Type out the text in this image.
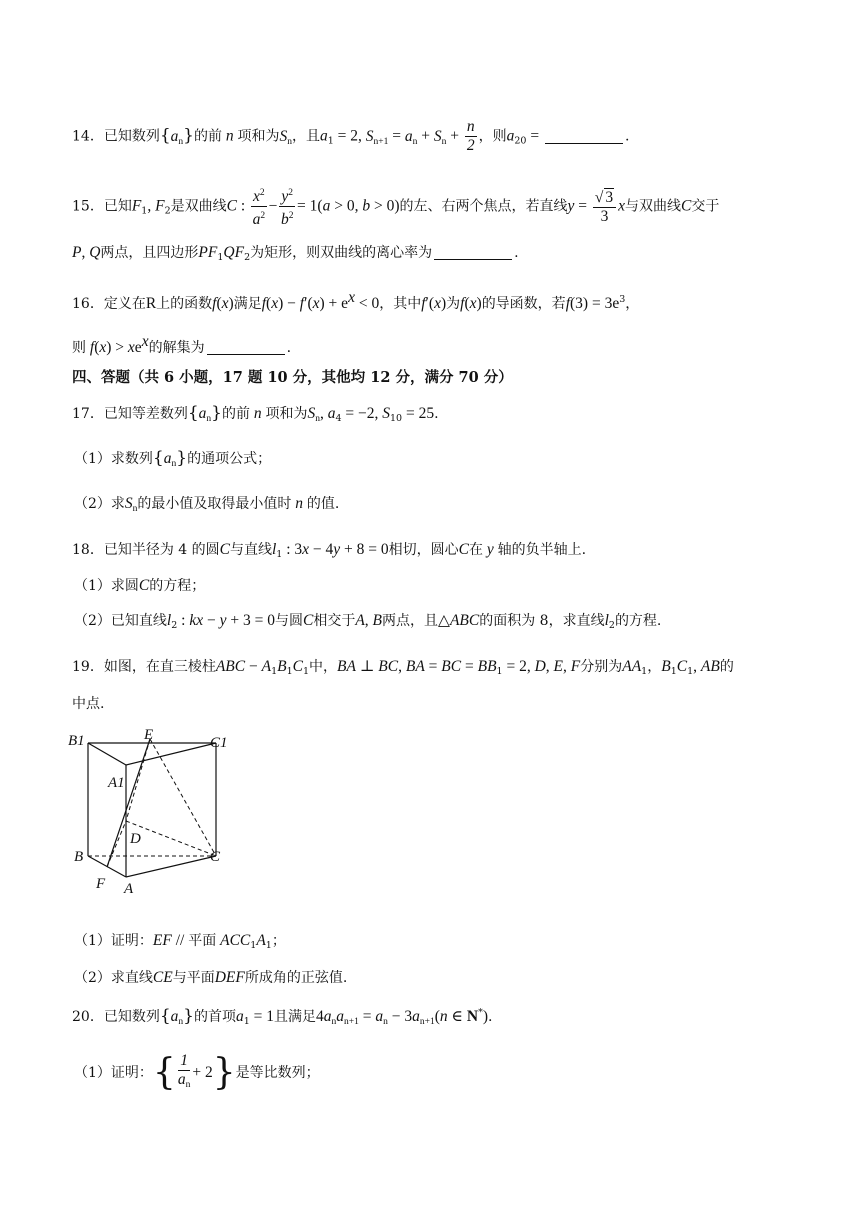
14．已知数列$\{a_n\}$的前 n 项和为$S_n$，且$a_1 = 2$, $S_{n+1} = a_n + S_n + \frac{n}{2}$ ，则$a_{20}$ =	.
15．已知$F_1$, $F_2$是双曲线C : $\frac{x^2}{a^2} - \frac{y^2}{b^2} = 1(a > 0$, b > 0)的左、右两个焦点，若直线$y = \frac{√ 3}{3}$ x与双曲线C交于
P, Q两点，且四边形$PF_1QF_2$为矩形，则双曲线的离心率为	.
16．定义在R上的函数f(x)满足$f(x) - f'(x) + e^x < 0$，其中f′(x)为f(x)的导函数，若$f(3) = 3e^3$，
则 $f(x) > xe^x$的解集为	.
四、答题（共 6 小题，17 题 10 分，其他均 12 分，满分 70 分）
17．已知等差数列$\{a_n\}$的前 n 项和为$S_n$, $a_4 = -2$, $S_{10} = 25$.
（1）求数列$\{a_n\}$的通项公式；
（2）求$S_n$的最小值及取得最小值时 n 的值.
18．已知半径为 4 的圆C与直线$l_1$ : 3x − 4y + 8 = 0相切，圆心C在 y 轴的负半轴上.
（1）求圆C的方程；
（2）已知直线$l_2$ : kx − y + 3 = 0与圆C相交于A, B两点，且△ABC的面积为 8，求直线$l_2$的方程.
19．如图，在直三棱柱ABC − $A_1B_1C_1$中，BA ⊥ BC, BA = BC = $BB_1 = 2$, D, E, F分别为$AA_1$，$B_1C_1$, AB的
中点.
B1	E	C1
A1
D
B	C
F A
（1）证明：EF // 平面 $ACC_1A_1$；
（2）求直线CE与平面DEF所成角的正弦值.
20．已知数列$\{a_n\}$的首项$a_1 = 1$且满足$4a_na_{n+1} = a_n - 3a_{n+1}(n$ ∈ N*).
（1）证明：{ $\frac{1}{a_n} + 2$}是等比数列；
